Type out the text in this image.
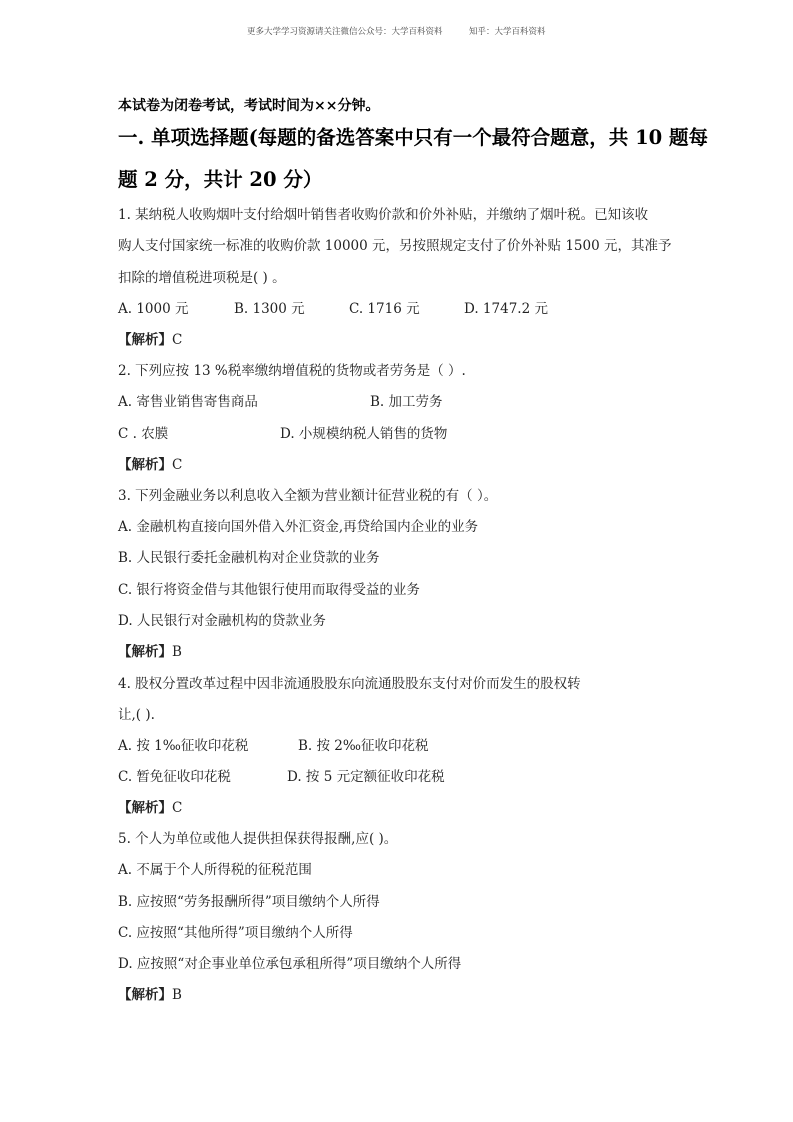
更多大学学习资源请关注微信公众号：大学百科资料	知乎：大学百科资料
本试卷为闭卷考试，考试时间为××分钟。
一. 单项选择题(每题的备选答案中只有一个最符合题意，共 10 题每
题 2 分，共计 20 分）
1. 某纳税人收购烟叶支付给烟叶销售者收购价款和价外补贴，并缴纳了烟叶税。已知该收
购人支付国家统一标准的收购价款 10000 元，另按照规定支付了价外补贴 1500 元，其准予
扣除的增值税进项税是( ) 。
A. 1000 元	B. 1300 元	C. 1716 元	D. 1747.2 元
【解析】C
2. 下列应按 13 %税率缴纳增值税的货物或者劳务是（ ）.
A. 寄售业销售寄售商品	B. 加工劳务
C . 农膜	D. 小规模纳税人销售的货物
【解析】C
3. 下列金融业务以利息收入全额为营业额计征营业税的有（ ）。
A. 金融机构直接向国外借入外汇资金,再贷给国内企业的业务
B. 人民银行委托金融机构对企业贷款的业务
C. 银行将资金借与其他银行使用而取得受益的业务
D. 人民银行对金融机构的贷款业务
【解析】B
4. 股权分置改革过程中因非流通股股东向流通股股东支付对价而发生的股权转
让,( ).
A. 按 1‰征收印花税	B. 按 2‰征收印花税
C. 暂免征收印花税	D. 按 5 元定额征收印花税
【解析】C
5. 个人为单位或他人提供担保获得报酬,应( )。
A. 不属于个人所得税的征税范围
B. 应按照“劳务报酬所得”项目缴纳个人所得
C. 应按照“其他所得”项目缴纳个人所得
D. 应按照“对企事业单位承包承租所得”项目缴纳个人所得
【解析】B
